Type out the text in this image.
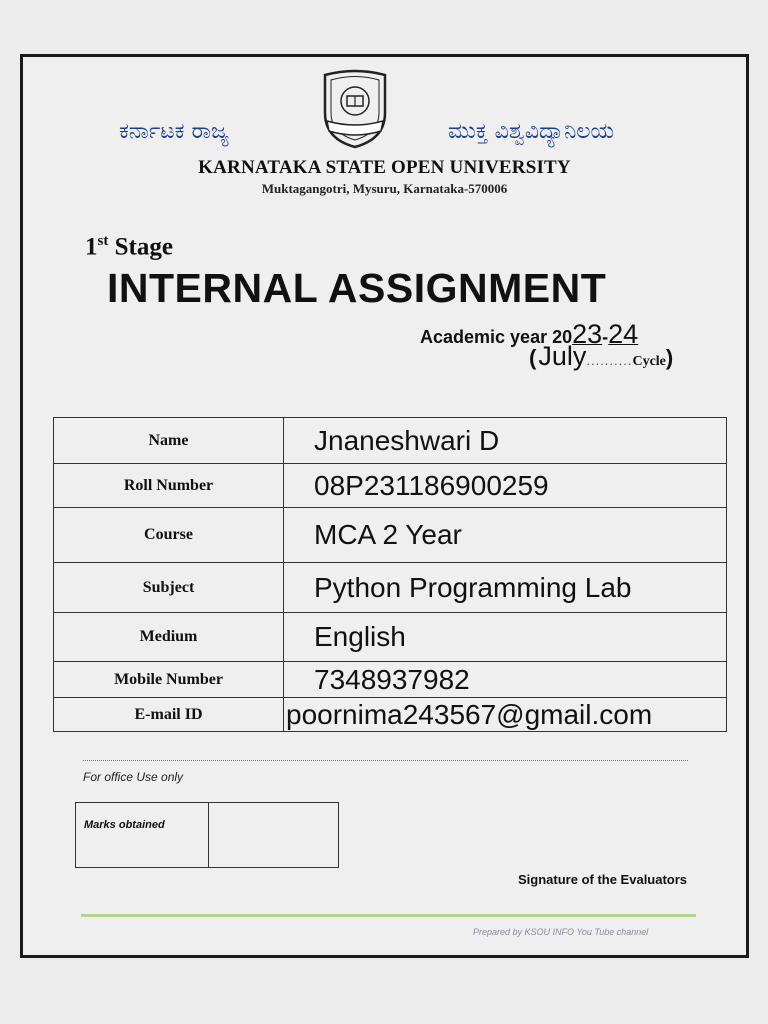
ಕರ್ನಾಟಕ ರಾಜ್ಯ	ಮುಕ್ತ ವಿಶ್ವವಿದ್ಯಾನಿಲಯ
KARNATAKA STATE OPEN UNIVERSITY
Muktagangotri, Mysuru, Karnataka-570006
1st Stage
INTERNAL ASSIGNMENT
Academic year 2023-24
(July..........Cycle)
Name	Jnaneshwari D
Roll Number	08P231186900259
Course	MCA 2 Year
Subject	Python Programming Lab
Medium	English
Mobile Number	7348937982
E-mail ID	poornima243567@gmail.com
For office Use only
Marks obtained
Signature of the Evaluators
Prepared by KSOU INFO You Tube channel
